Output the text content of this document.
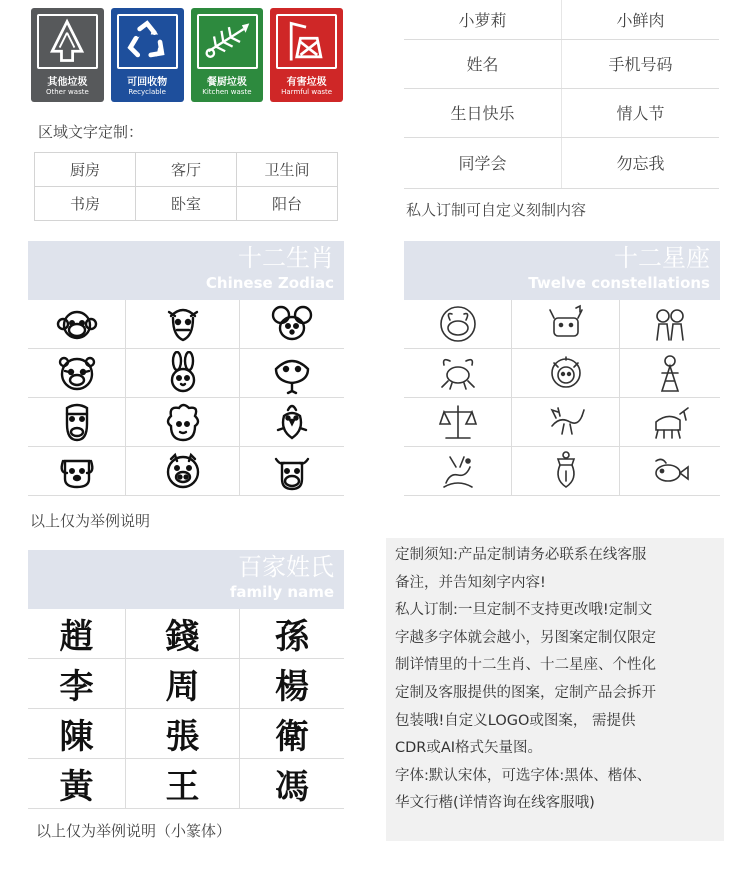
其他垃圾
Other waste
可回收物
Recyclable
餐厨垃圾
Kitchen waste
有害垃圾
Harmful waste
区域文字定制：
厨房	客厅	卫生间
书房	卧室	阳台
小萝莉	小鲜肉
姓名	手机号码
生日快乐	情人节
同学会	勿忘我
私人订制可自定义刻制内容
十二生肖
Chinese Zodiac
以上仅为举例说明
十二星座
Twelve constellations
百家姓氏
family name
趙	錢	孫
李	周	楊
陳	張	衛
黃	王	馮
以上仅为举例说明（小篆体）

定制须知:产品定制请务必联系在线客服

备注，并告知刻字内容!

私人订制:一旦定制不支持更改哦!定制文

字越多字体就会越小，另图案定制仅限定

制详情里的十二生肖、十二星座、个性化

定制及客服提供的图案，定制产品会拆开

包装哦!自定义LOGO或图案， 需提供

CDR或AI格式矢量图。

字体:默认宋体，可选字体:黑体、楷体、

华文行楷(详情咨询在线客服哦)
